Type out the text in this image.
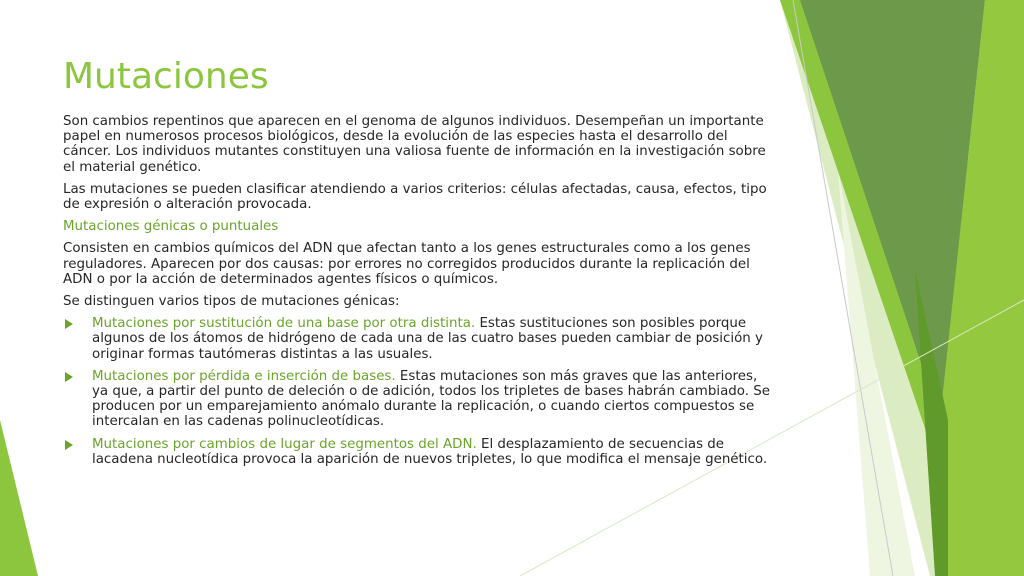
Mutaciones

Son cambios repentinos que aparecen en el genoma de algunos individuos. Desempeñan un importante papel en numerosos procesos biológicos, desde la evolución de las especies hasta el desarrollo del cáncer. Los individuos mutantes constituyen una valiosa fuente de información en la investigación sobre el material genético.

Las mutaciones se pueden clasificar atendiendo a varios criterios: células afectadas, causa, efectos, tipo de expresión o alteración provocada.

Mutaciones génicas o puntuales

Consisten en cambios químicos del ADN que afectan tanto a los genes estructurales como a los genes reguladores. Aparecen por dos causas: por errores no corregidos producidos durante la replicación del ADN o por la acción de determinados agentes físicos o químicos.

Se distinguen varios tipos de mutaciones génicas:

Mutaciones por sustitución de una base por otra distinta. Estas sustituciones son posibles porque algunos de los átomos de hidrógeno de cada una de las cuatro bases pueden cambiar de posición y originar formas tautómeras distintas a las usuales.
Mutaciones por pérdida e inserción de bases. Estas mutaciones son más graves que las anteriores, ya que, a partir del punto de deleción o de adición, todos los tripletes de bases habrán cambiado. Se producen por un emparejamiento anómalo durante la replicación, o cuando ciertos compuestos se intercalan en las cadenas polinucleotídicas.
Mutaciones por cambios de lugar de segmentos del ADN. El desplazamiento de secuencias de lacadena nucleotídica provoca la aparición de nuevos tripletes, lo que modifica el mensaje genético.
